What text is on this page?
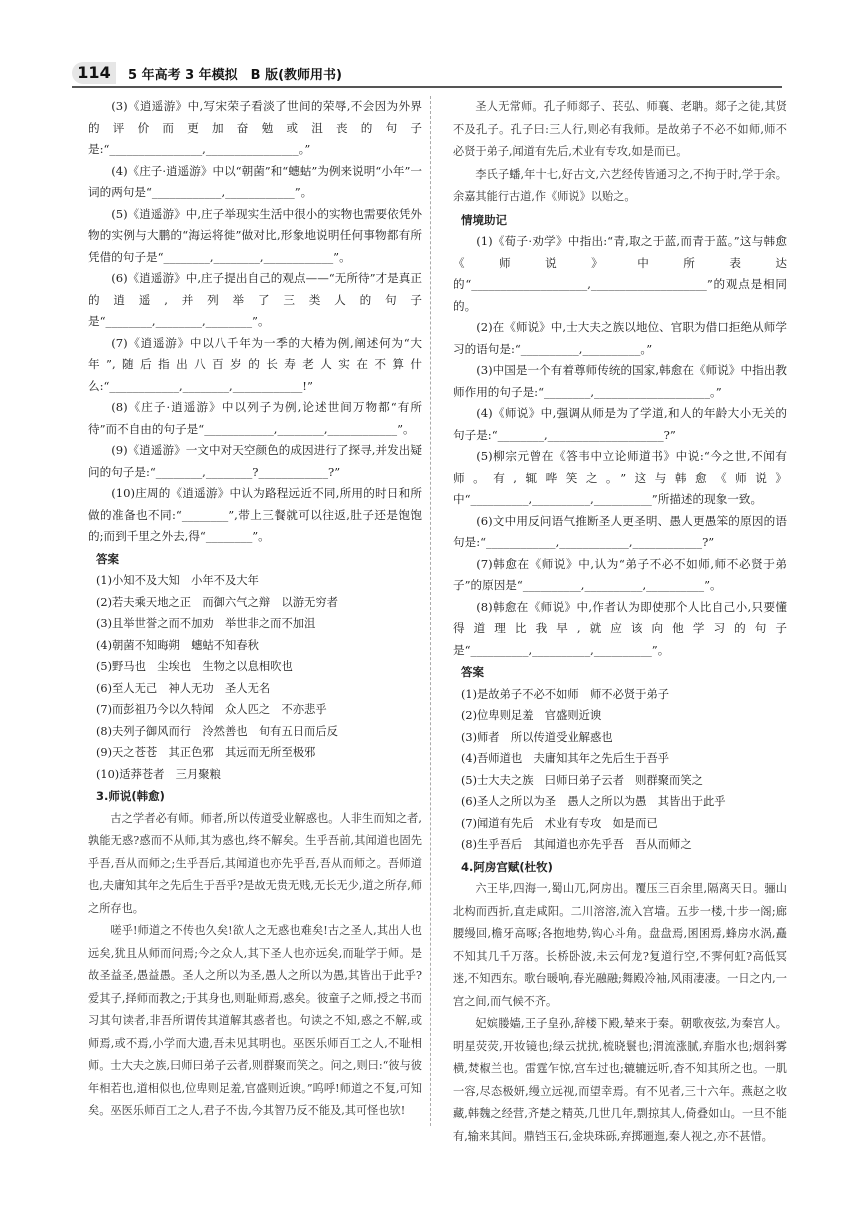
114	5 年高考 3 年模拟　B 版(教师用书)

(3)《逍遥游》中,写宋荣子看淡了世间的荣辱,不会因为外界的评价而更加奋勉或沮丧的句子是:“________________,________________。”

(4)《庄子·逍遥游》中以“朝菌”和“蟪蛄”为例来说明“小年”一词的两句是“____________,____________”。

(5)《逍遥游》中,庄子举现实生活中很小的实物也需要依凭外物的实例与大鹏的“海运将徙”做对比,形象地说明任何事物都有所凭借的句子是“________,________,____________”。

(6)《逍遥游》中,庄子提出自己的观点——“无所待”才是真正的逍遥,并列举了三类人的句子是“________,________,________”。

(7)《逍遥游》中以八千年为一季的大椿为例,阐述何为“大年”,随后指出八百岁的长寿老人实在不算什么:“____________,________,____________!”

(8)《庄子·逍遥游》中以列子为例,论述世间万物都“有所待”而不自由的句子是“____________,________,____________”。

(9)《逍遥游》一文中对天空颜色的成因进行了探寻,并发出疑问的句子是:“________,________?____________?”

(10)庄周的《逍遥游》中认为路程远近不同,所用的时日和所做的准备也不同:“________”,带上三餐就可以往返,肚子还是饱饱的;而到千里之外去,得“________”。

答案
(1)小知不及大知　小年不及大年
(2)若夫乘天地之正　而御六气之辩　以游无穷者
(3)且举世誉之而不加劝　举世非之而不加沮
(4)朝菌不知晦朔　蟪蛄不知春秋
(5)野马也　尘埃也　生物之以息相吹也
(6)至人无己　神人无功　圣人无名
(7)而彭祖乃今以久特闻　众人匹之　不亦悲乎
(8)夫列子御风而行　泠然善也　旬有五日而后反
(9)天之苍苍　其正色邪　其远而无所至极邪
(10)适莽苍者　三月聚粮
3.师说(韩愈)

古之学者必有师。师者,所以传道受业解惑也。人非生而知之者,孰能无惑?惑而不从师,其为惑也,终不解矣。生乎吾前,其闻道也固先乎吾,吾从而师之;生乎吾后,其闻道也亦先乎吾,吾从而师之。吾师道也,夫庸知其年之先后生于吾乎?是故无贵无贱,无长无少,道之所存,师之所存也。

嗟乎!师道之不传也久矣!欲人之无惑也难矣!古之圣人,其出人也远矣,犹且从师而问焉;今之众人,其下圣人也亦远矣,而耻学于师。是故圣益圣,愚益愚。圣人之所以为圣,愚人之所以为愚,其皆出于此乎?爱其子,择师而教之;于其身也,则耻师焉,惑矣。彼童子之师,授之书而习其句读者,非吾所谓传其道解其惑者也。句读之不知,惑之不解,或师焉,或不焉,小学而大遗,吾未见其明也。巫医乐师百工之人,不耻相师。士大夫之族,曰师曰弟子云者,则群聚而笑之。问之,则曰:“彼与彼年相若也,道相似也,位卑则足羞,官盛则近谀。”呜呼!师道之不复,可知矣。巫医乐师百工之人,君子不齿,今其智乃反不能及,其可怪也欤!

圣人无常师。孔子师郯子、苌弘、师襄、老聃。郯子之徒,其贤不及孔子。孔子曰:三人行,则必有我师。是故弟子不必不如师,师不必贤于弟子,闻道有先后,术业有专攻,如是而已。

李氏子蟠,年十七,好古文,六艺经传皆通习之,不拘于时,学于余。余嘉其能行古道,作《师说》以贻之。

情境助记

(1)《荀子·劝学》中指出:“青,取之于蓝,而青于蓝。”这与韩愈《师说》中所表达的“____________________,____________________”的观点是相同的。

(2)在《师说》中,士大夫之族以地位、官职为借口拒绝从师学习的语句是:“__________,__________。”

(3)中国是一个有着尊师传统的国家,韩愈在《师说》中指出教师作用的句子是:“________,____________________。”

(4)《师说》中,强调从师是为了学道,和人的年龄大小无关的句子是:“________,____________________?”

(5)柳宗元曾在《答韦中立论师道书》中说:“今之世,不闻有师。有,辄哗笑之。”这与韩愈《师说》中“__________,__________,__________”所描述的现象一致。

(6)文中用反问语气推断圣人更圣明、愚人更愚笨的原因的语句是:“____________,____________,____________?”

(7)韩愈在《师说》中,认为“弟子不必不如师,师不必贤于弟子”的原因是“__________,__________,__________”。

(8)韩愈在《师说》中,作者认为即使那个人比自己小,只要懂得道理比我早,就应该向他学习的句子是“__________,__________,__________”。

答案
(1)是故弟子不必不如师　师不必贤于弟子
(2)位卑则足羞　官盛则近谀
(3)师者　所以传道受业解惑也
(4)吾师道也　夫庸知其年之先后生于吾乎
(5)士大夫之族　曰师曰弟子云者　则群聚而笑之
(6)圣人之所以为圣　愚人之所以为愚　其皆出于此乎
(7)闻道有先后　术业有专攻　如是而已
(8)生乎吾后　其闻道也亦先乎吾　吾从而师之
4.阿房宫赋(杜牧)

六王毕,四海一,蜀山兀,阿房出。覆压三百余里,隔离天日。骊山北构而西折,直走咸阳。二川溶溶,流入宫墙。五步一楼,十步一阁;廊腰缦回,檐牙高啄;各抱地势,钩心斗角。盘盘焉,囷囷焉,蜂房水涡,矗不知其几千万落。长桥卧波,未云何龙?复道行空,不霁何虹?高低冥迷,不知西东。歌台暖响,春光融融;舞殿冷袖,风雨凄凄。一日之内,一宫之间,而气候不齐。

妃嫔媵嫱,王子皇孙,辞楼下殿,辇来于秦。朝歌夜弦,为秦宫人。明星荧荧,开妆镜也;绿云扰扰,梳晓鬟也;渭流涨腻,弃脂水也;烟斜雾横,焚椒兰也。雷霆乍惊,宫车过也;辘辘远听,杳不知其所之也。一肌一容,尽态极妍,缦立远视,而望幸焉。有不见者,三十六年。燕赵之收藏,韩魏之经营,齐楚之精英,几世几年,剽掠其人,倚叠如山。一旦不能有,输来其间。鼎铛玉石,金块珠砾,弃掷逦迤,秦人视之,亦不甚惜。
